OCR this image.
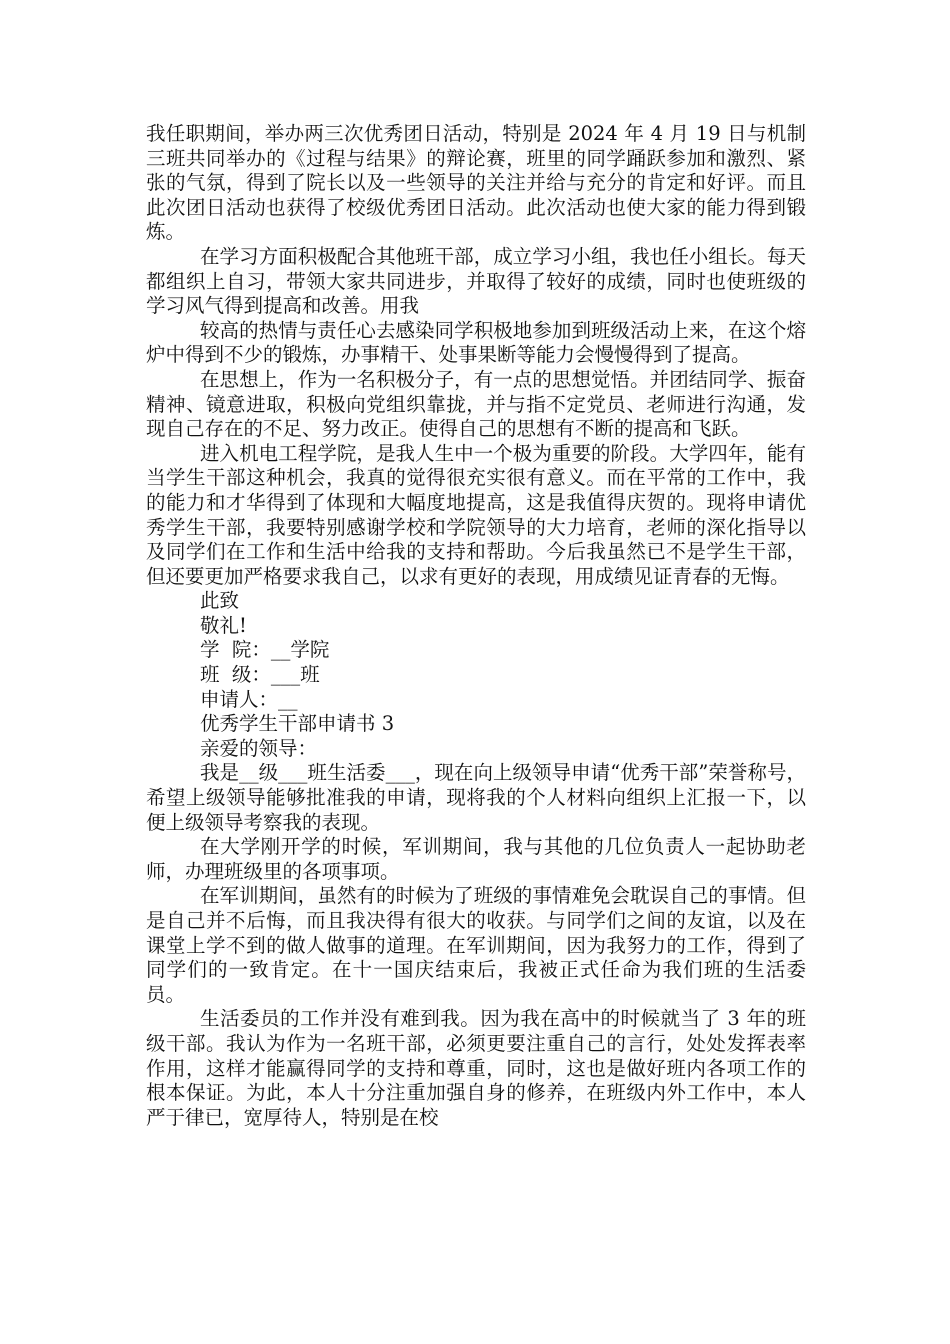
我任职期间，举办两三次优秀团日活动，特别是 2024 年 4 月 19 日与机制三班共同举办的《过程与结果》的辩论赛，班里的同学踊跃参加和激烈、紧张的气氛，得到了院长以及一些领导的关注并给与充分的肯定和好评。而且此次团日活动也获得了校级优秀团日活动。此次活动也使大家的能力得到锻炼。

在学习方面积极配合其他班干部，成立学习小组，我也任小组长。每天都组织上自习，带领大家共同进步，并取得了较好的成绩，同时也使班级的学习风气得到提高和改善。用我

较高的热情与责任心去感染同学积极地参加到班级活动上来，在这个熔炉中得到不少的锻炼，办事精干、处事果断等能力会慢慢得到了提高。

在思想上，作为一名积极分子，有一点的思想觉悟。并团结同学、振奋精神、镜意进取，积极向党组织靠拢，并与指不定党员、老师进行沟通，发现自己存在的不足、努力改正。使得自己的思想有不断的提高和飞跃。

进入机电工程学院，是我人生中一个极为重要的阶段。大学四年，能有当学生干部这种机会，我真的觉得很充实很有意义。而在平常的工作中，我的能力和才华得到了体现和大幅度地提高，这是我值得庆贺的。现将申请优秀学生干部，我要特别感谢学校和学院领导的大力培育，老师的深化指导以及同学们在工作和生活中给我的支持和帮助。今后我虽然已不是学生干部，但还要更加严格要求我自己，以求有更好的表现，用成绩见证青春的无悔。

此致

敬礼!

学  院：__学院

班  级：___班

申请人：__

优秀学生干部申请书 3

亲爱的领导：

我是__级___班生活委___，现在向上级领导申请“优秀干部”荣誉称号，希望上级领导能够批准我的申请，现将我的个人材料向组织上汇报一下，以便上级领导考察我的表现。

在大学刚开学的时候，军训期间，我与其他的几位负责人一起协助老师，办理班级里的各项事项。

在军训期间，虽然有的时候为了班级的事情难免会耽误自己的事情。但是自己并不后悔，而且我决得有很大的收获。与同学们之间的友谊，以及在课堂上学不到的做人做事的道理。在军训期间，因为我努力的工作，得到了同学们的一致肯定。在十一国庆结束后，我被正式任命为我们班的生活委员。

生活委员的工作并没有难到我。因为我在高中的时候就当了 3 年的班级干部。我认为作为一名班干部，必须更要注重自己的言行，处处发挥表率作用，这样才能赢得同学的支持和尊重，同时，这也是做好班内各项工作的根本保证。为此，本人十分注重加强自身的修养，在班级内外工作中，本人严于律已，宽厚待人，特别是在校
